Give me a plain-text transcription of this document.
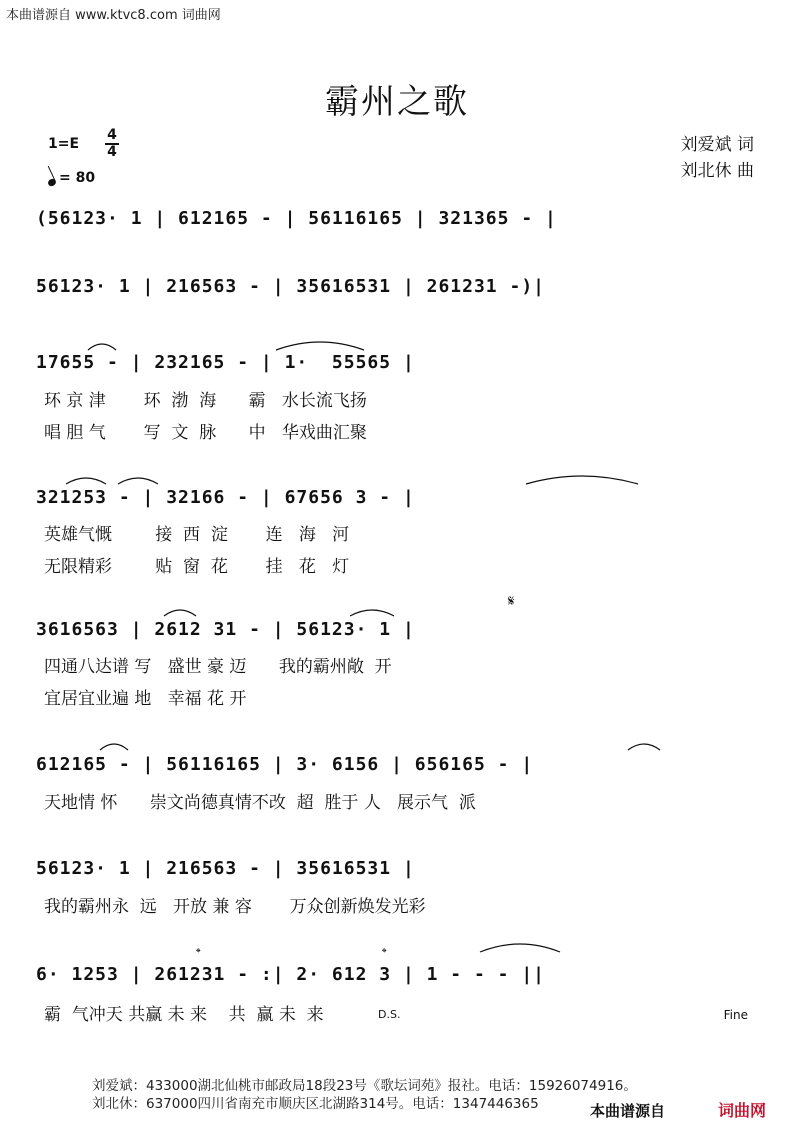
本曲谱源自 www.ktvc8.com 词曲网
霸州之歌
1=E
4
4
= 80
刘爱斌 词
刘北休 曲
(56123· 1 | 612165 - | 56116165 | 321365 - |
56123· 1 | 216563 - | 35616531 | 261231 -)|
17655 - | 232165 - | 1·  55565 |
环 京 津       环  渤  海      霸   水长流飞扬
唱 胆 气       写  文  脉      中   华戏曲汇聚
321253 - | 32166 - | 67656 3 - |
英雄气慨        接  西  淀       连   海   河
无限精彩        贴  窗  花       挂   花   灯
3616563 | 2612 31 - | 56123· 1 |
四通八达谱 写   盛世 豪 迈      我的霸州敞  开
宜居宜业遍 地   幸福 花 开
612165 - | 56116165 | 3· 6156 | 656165 - |
天地情 怀      崇文尚德真情不改  超  胜于 人   展示气  派
56123· 1 | 216563 - | 35616531 |
我的霸州永  远   开放 兼 容       万众创新焕发光彩
6· 1253 | 261231 - :| 2· 612 3 | 1 - - - ||
霸  气冲天 共赢 未 来    共  赢 未  来
𝄋
𝄌	𝄌
D.S.	Fine
刘爱斌：433000湖北仙桃市邮政局18段23号《歌坛词苑》报社。电话：15926074916。
刘北休：637000四川省南充市顺庆区北湖路314号。电话：1347446365	本曲谱源自	词曲网
